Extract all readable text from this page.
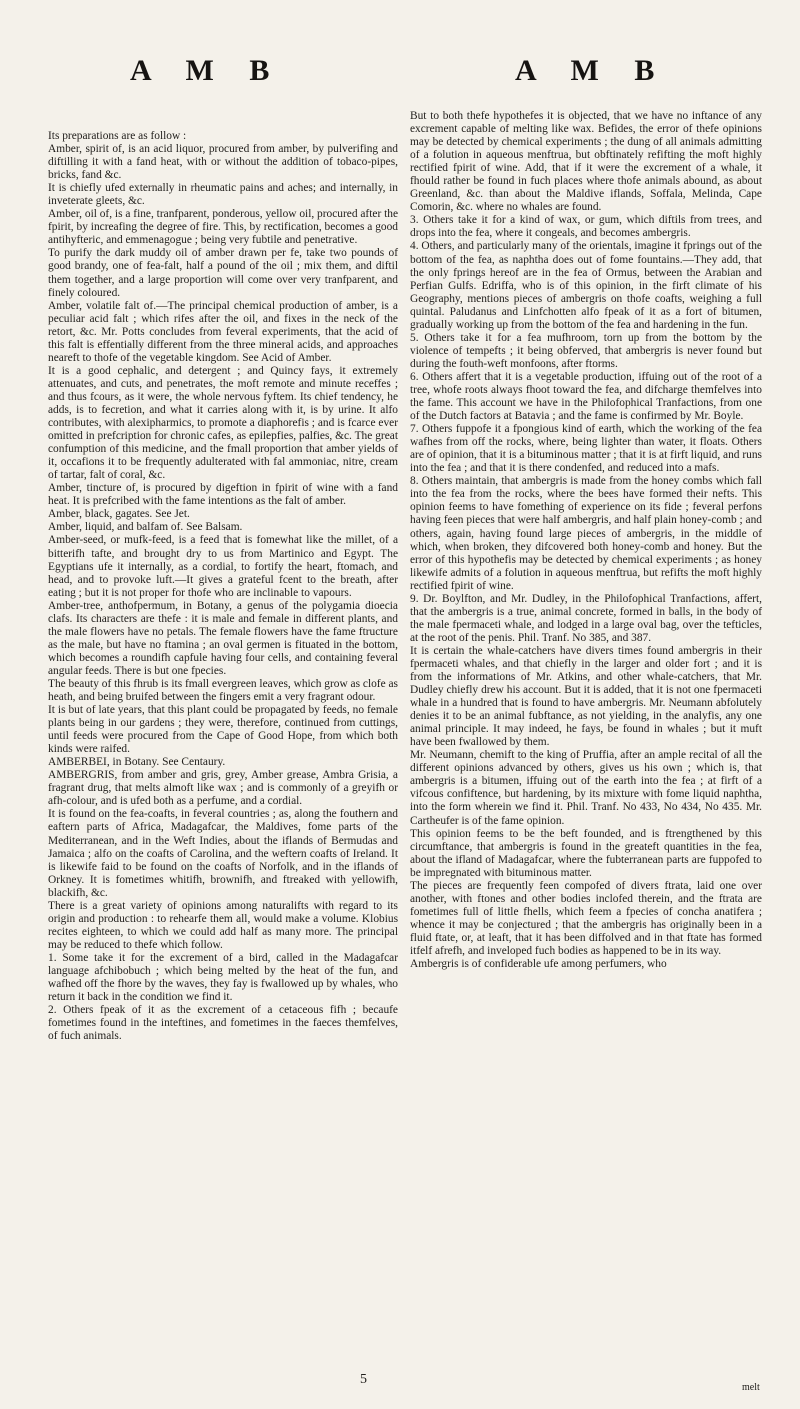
A M B	A M B

Its preparations are as follow :

Amber, spirit of, is an acid liquor, procured from amber, by pulverifing and diftilling it with a fand heat, with or without the addition of tobaco-pipes, bricks, fand &c.

It is chiefly ufed externally in rheumatic pains and aches; and internally, in inveterate gleets, &c.

Amber, oil of, is a fine, tranfparent, ponderous, yellow oil, procured after the fpirit, by increafing the degree of fire. This, by rectification, becomes a good antihyfteric, and emmenagogue ; being very fubtile and penetrative.

To purify the dark muddy oil of amber drawn per fe, take two pounds of good brandy, one of fea-falt, half a pound of the oil ; mix them, and diftil them together, and a large proportion will come over very tranfparent, and finely coloured.

Amber, volatile falt of.—The principal chemical production of amber, is a peculiar acid falt ; which rifes after the oil, and fixes in the neck of the retort, &c. Mr. Potts concludes from feveral experiments, that the acid of this falt is effentially different from the three mineral acids, and approaches neareft to thofe of the vegetable kingdom. See Acid of Amber.

It is a good cephalic, and detergent ; and Quincy fays, it extremely attenuates, and cuts, and penetrates, the moft remote and minute receffes ; and thus fcours, as it were, the whole nervous fyftem. Its chief tendency, he adds, is to fecretion, and what it carries along with it, is by urine. It alfo contributes, with alexipharmics, to promote a diaphorefis ; and is fcarce ever omitted in prefcription for chronic cafes, as epilepfies, palfies, &c. The great confumption of this medicine, and the fmall proportion that amber yields of it, occafions it to be frequently adulterated with fal ammoniac, nitre, cream of tartar, falt of coral, &c.

Amber, tincture of, is procured by digeftion in fpirit of wine with a fand heat. It is prefcribed with the fame intentions as the falt of amber.

Amber, black, gagates. See Jet.

Amber, liquid, and balfam of. See Balsam.

Amber-seed, or mufk-feed, is a feed that is fomewhat like the millet, of a bitterifh tafte, and brought dry to us from Martinico and Egypt. The Egyptians ufe it internally, as a cordial, to fortify the heart, ftomach, and head, and to provoke luft.—It gives a grateful fcent to the breath, after eating ; but it is not proper for thofe who are inclinable to vapours.

Amber-tree, anthofpermum, in Botany, a genus of the polygamia dioecia clafs. Its characters are thefe : it is male and female in different plants, and the male flowers have no petals. The female flowers have the fame ftructure as the male, but have no ftamina ; an oval germen is fituated in the bottom, which becomes a roundifh capfule having four cells, and containing feveral angular feeds. There is but one fpecies.

The beauty of this fhrub is its fmall evergreen leaves, which grow as clofe as heath, and being bruifed between the fingers emit a very fragrant odour.

It is but of late years, that this plant could be propagated by feeds, no female plants being in our gardens ; they were, therefore, continued from cuttings, until feeds were procured from the Cape of Good Hope, from which both kinds were raifed.

AMBERBEI, in Botany. See Centaury.

AMBERGRIS, from amber and gris, grey, Amber grease, Ambra Grisia, a fragrant drug, that melts almoft like wax ; and is commonly of a greyifh or afh-colour, and is ufed both as a perfume, and a cordial.

It is found on the fea-coafts, in feveral countries ; as, along the fouthern and eaftern parts of Africa, Madagafcar, the Maldives, fome parts of the Mediterranean, and in the Weft Indies, about the iflands of Bermudas and Jamaica ; alfo on the coafts of Carolina, and the weftern coafts of Ireland. It is likewife faid to be found on the coafts of Norfolk, and in the iflands of Orkney. It is fometimes whitifh, brownifh, and ftreaked with yellowifh, blackifh, &c.

There is a great variety of opinions among naturalifts with regard to its origin and production : to rehearfe them all, would make a volume. Klobius recites eighteen, to which we could add half as many more. The principal may be reduced to thefe which follow.

1. Some take it for the excrement of a bird, called in the Madagafcar language afchibobuch ; which being melted by the heat of the fun, and wafhed off the fhore by the waves, they fay is fwallowed up by whales, who return it back in the condition we find it.

2. Others fpeak of it as the excrement of a cetaceous fifh ; becaufe fometimes found in the inteftines, and fometimes in the faeces themfelves, of fuch animals.

But to both thefe hypothefes it is objected, that we have no inftance of any excrement capable of melting like wax. Befides, the error of thefe opinions may be detected by chemical experiments ; the dung of all animals admitting of a folution in aqueous menftrua, but obftinately refifting the moft highly rectified fpirit of wine. Add, that if it were the excrement of a whale, it fhould rather be found in fuch places where thofe animals abound, as about Greenland, &c. than about the Maldive iflands, Soffala, Melinda, Cape Comorin, &c. where no whales are found.

3. Others take it for a kind of wax, or gum, which diftils from trees, and drops into the fea, where it congeals, and becomes ambergris.

4. Others, and particularly many of the orientals, imagine it fprings out of the bottom of the fea, as naphtha does out of fome fountains.—They add, that the only fprings hereof are in the fea of Ormus, between the Arabian and Perfian Gulfs. Edriffa, who is of this opinion, in the firft climate of his Geography, mentions pieces of ambergris on thofe coafts, weighing a full quintal. Paludanus and Linfchotten alfo fpeak of it as a fort of bitumen, gradually working up from the bottom of the fea and hardening in the fun.

5. Others take it for a fea mufhroom, torn up from the bottom by the violence of tempefts ; it being obferved, that ambergris is never found but during the fouth-weft monfoons, after ftorms.

6. Others affert that it is a vegetable production, iffuing out of the root of a tree, whofe roots always fhoot toward the fea, and difcharge themfelves into the fame. This account we have in the Philofophical Tranfactions, from one of the Dutch factors at Batavia ; and the fame is confirmed by Mr. Boyle.

7. Others fuppofe it a fpongious kind of earth, which the working of the fea wafhes from off the rocks, where, being lighter than water, it floats. Others are of opinion, that it is a bituminous matter ; that it is at firft liquid, and runs into the fea ; and that it is there condenfed, and reduced into a mafs.

8. Others maintain, that ambergris is made from the honey combs which fall into the fea from the rocks, where the bees have formed their nefts. This opinion feems to have fomething of experience on its fide ; feveral perfons having feen pieces that were half ambergris, and half plain honey-comb ; and others, again, having found large pieces of ambergris, in the middle of which, when broken, they difcovered both honey-comb and honey. But the error of this hypothefis may be detected by chemical experiments ; as honey likewife admits of a folution in aqueous menftrua, but refifts the moft highly rectified fpirit of wine.

9. Dr. Boylfton, and Mr. Dudley, in the Philofophical Tranfactions, affert, that the ambergris is a true, animal concrete, formed in balls, in the body of the male fpermaceti whale, and lodged in a large oval bag, over the tefticles, at the root of the penis. Phil. Tranf. No 385, and 387.

It is certain the whale-catchers have divers times found ambergris in their fpermaceti whales, and that chiefly in the larger and older fort ; and it is from the informations of Mr. Atkins, and other whale-catchers, that Mr. Dudley chiefly drew his account. But it is added, that it is not one fpermaceti whale in a hundred that is found to have ambergris. Mr. Neumann abfolutely denies it to be an animal fubftance, as not yielding, in the analyfis, any one animal principle. It may indeed, he fays, be found in whales ; but it muft have been fwallowed by them.

Mr. Neumann, chemift to the king of Pruffia, after an ample recital of all the different opinions advanced by others, gives us his own ; which is, that ambergris is a bitumen, iffuing out of the earth into the fea ; at firft of a vifcous confiftence, but hardening, by its mixture with fome liquid naphtha, into the form wherein we find it. Phil. Tranf. No 433, No 434, No 435. Mr. Cartheufer is of the fame opinion.

This opinion feems to be the beft founded, and is ftrengthened by this circumftance, that ambergris is found in the greateft quantities in the fea, about the ifland of Madagafcar, where the fubterranean parts are fuppofed to be impregnated with bituminous matter.

The pieces are frequently feen compofed of divers ftrata, laid one over another, with ftones and other bodies inclofed therein, and the ftrata are fometimes full of little fhells, which feem a fpecies of concha anatifera ; whence it may be conjectured ; that the ambergris has originally been in a fluid ftate, or, at leaft, that it has been diffolved and in that ftate has formed itfelf afrefh, and inveloped fuch bodies as happened to be in its way.

Ambergris is of confiderable ufe among perfumers, who

5

melt
